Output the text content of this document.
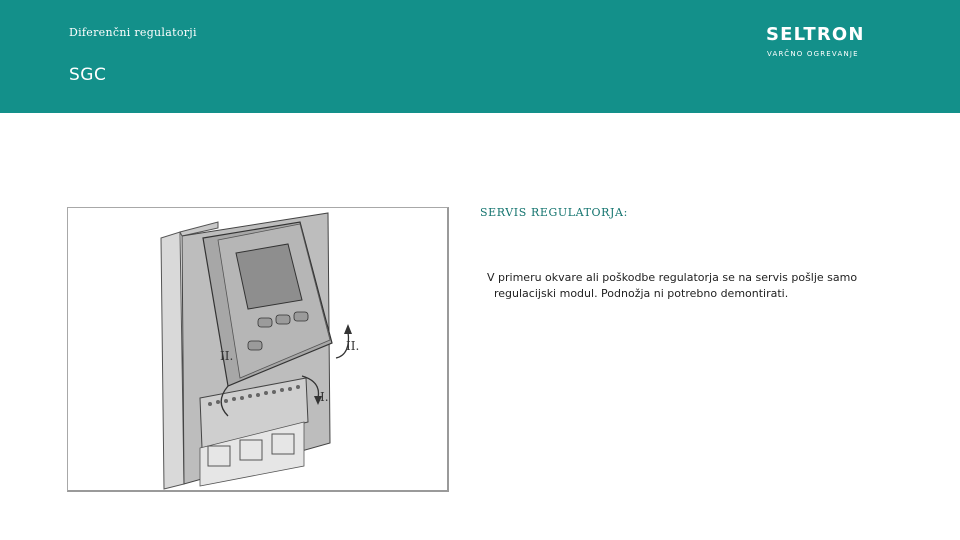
Diferenčni regulatorji
SGC
SELTRON
VARČNO OGREVANJE
II.
II.
I.
SERVIS REGULATORJA:

V primeru okvare ali poškodbe regulatorja se na servis pošlje samo
regulacijski modul. Podnožja ni potrebno demontirati.
